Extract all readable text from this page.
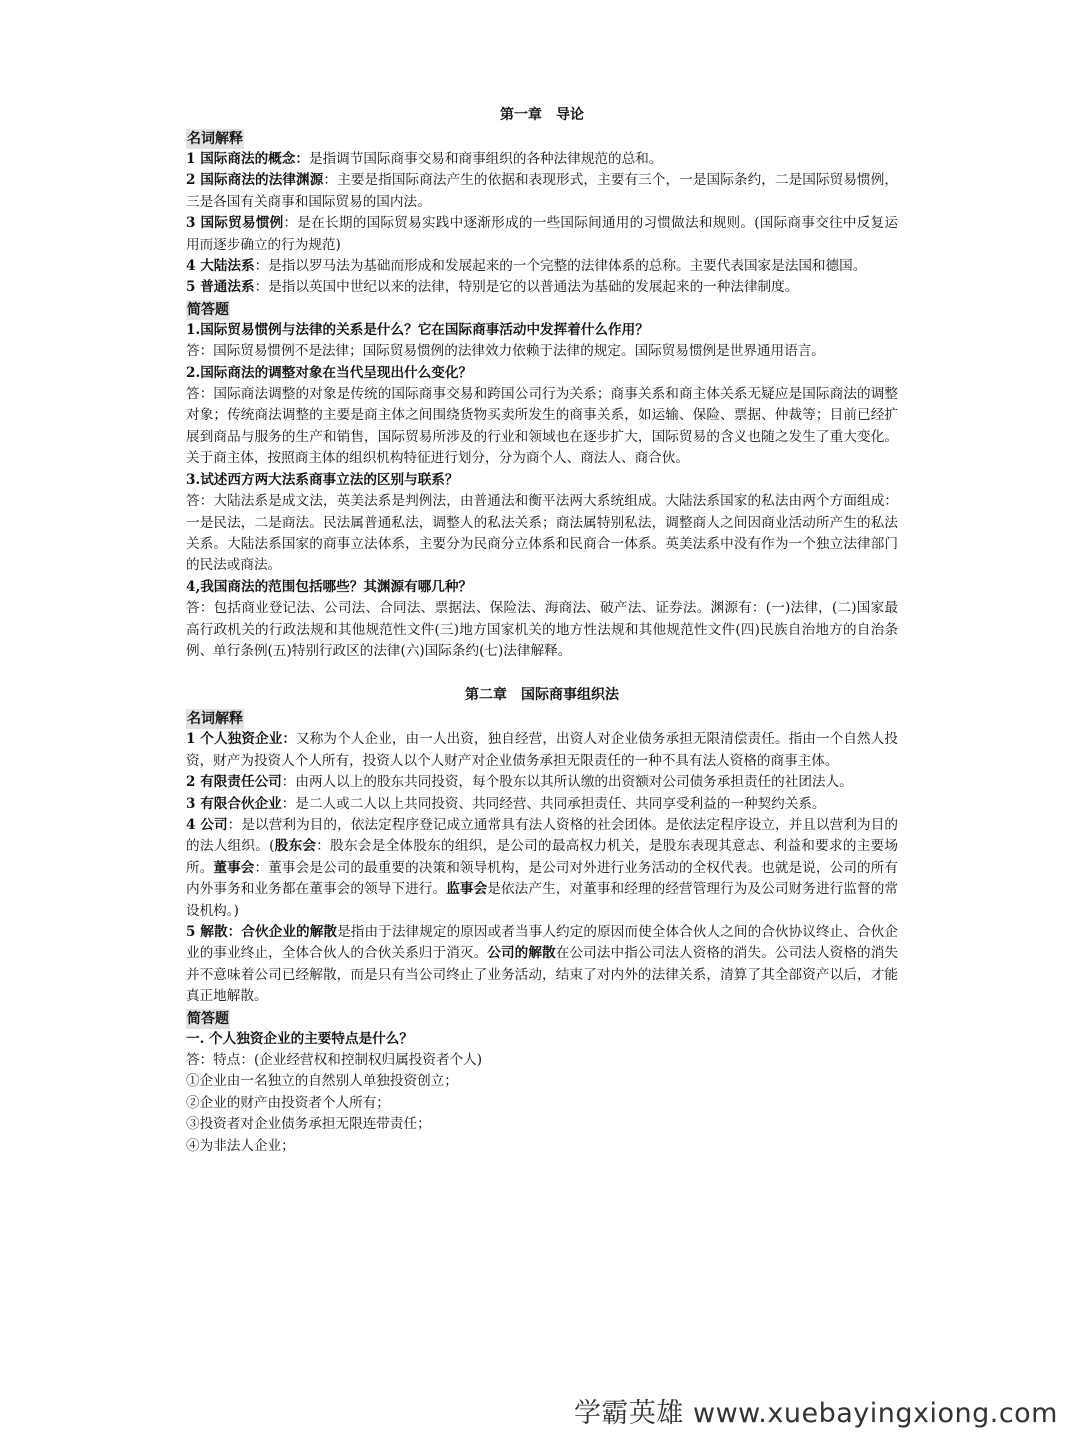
第一章　导论

名词解释

1 国际商法的概念：是指调节国际商事交易和商事组织的各种法律规范的总和。

2 国际商法的法律渊源：主要是指国际商法产生的依据和表现形式，主要有三个，一是国际条约，二是国际贸易惯例，三是各国有关商事和国际贸易的国内法。

3 国际贸易惯例：是在长期的国际贸易实践中逐渐形成的一些国际间通用的习惯做法和规则。(国际商事交往中反复运用而逐步确立的行为规范)

4 大陆法系：是指以罗马法为基础而形成和发展起来的一个完整的法律体系的总称。主要代表国家是法国和德国。

5 普通法系：是指以英国中世纪以来的法律，特别是它的以普通法为基础的发展起来的一种法律制度。

简答题

1.国际贸易惯例与法律的关系是什么？它在国际商事活动中发挥着什么作用？

答：国际贸易惯例不是法律；国际贸易惯例的法律效力依赖于法律的规定。国际贸易惯例是世界通用语言。

2.国际商法的调整对象在当代呈现出什么变化？

答：国际商法调整的对象是传统的国际商事交易和跨国公司行为关系；商事关系和商主体关系无疑应是国际商法的调整对象；传统商法调整的主要是商主体之间围绕货物买卖所发生的商事关系，如运输、保险、票据、仲裁等；目前已经扩展到商品与服务的生产和销售，国际贸易所涉及的行业和领域也在逐步扩大，国际贸易的含义也随之发生了重大变化。关于商主体，按照商主体的组织机构特征进行划分，分为商个人、商法人、商合伙。

3.试述西方两大法系商事立法的区别与联系？

答：大陆法系是成文法，英美法系是判例法，由普通法和衡平法两大系统组成。大陆法系国家的私法由两个方面组成：一是民法，二是商法。民法属普通私法，调整人的私法关系；商法属特别私法，调整商人之间因商业活动所产生的私法关系。大陆法系国家的商事立法体系，主要分为民商分立体系和民商合一体系。英美法系中没有作为一个独立法律部门的民法或商法。

4,我国商法的范围包括哪些？其渊源有哪几种？

答：包括商业登记法、公司法、合同法、票据法、保险法、海商法、破产法、证券法。渊源有：(一)法律，(二)国家最高行政机关的行政法规和其他规范性文件(三)地方国家机关的地方性法规和其他规范性文件(四)民族自治地方的自治条例、单行条例(五)特别行政区的法律(六)国际条约(七)法律解释。

第二章　国际商事组织法

名词解释

1 个人独资企业：又称为个人企业，由一人出资，独自经营，出资人对企业债务承担无限清偿责任。指由一个自然人投资，财产为投资人个人所有，投资人以个人财产对企业债务承担无限责任的一种不具有法人资格的商事主体。

2 有限责任公司：由两人以上的股东共同投资，每个股东以其所认缴的出资额对公司债务承担责任的社团法人。

3 有限合伙企业：是二人或二人以上共同投资、共同经营、共同承担责任、共同享受利益的一种契约关系。

4 公司：是以营利为目的，依法定程序登记成立通常具有法人资格的社会团体。是依法定程序设立，并且以营利为目的的法人组织。(股东会：股东会是全体股东的组织，是公司的最高权力机关，是股东表现其意志、利益和要求的主要场所。董事会：董事会是公司的最重要的决策和领导机构，是公司对外进行业务活动的全权代表。也就是说，公司的所有内外事务和业务都在董事会的领导下进行。监事会是依法产生，对董事和经理的经营管理行为及公司财务进行监督的常设机构。)

5 解散：合伙企业的解散是指由于法律规定的原因或者当事人约定的原因而使全体合伙人之间的合伙协议终止、合伙企业的事业终止，全体合伙人的合伙关系归于消灭。公司的解散在公司法中指公司法人资格的消失。公司法人资格的消失并不意味着公司已经解散，而是只有当公司终止了业务活动，结束了对内外的法律关系，清算了其全部资产以后，才能真正地解散。

简答题

一. 个人独资企业的主要特点是什么？

答：特点：(企业经营权和控制权归属投资者个人)

①企业由一名独立的自然别人单独投资创立；

②企业的财产由投资者个人所有；

③投资者对企业债务承担无限连带责任；

④为非法人企业；

学霸英雄 www.xuebayingxiong.com
